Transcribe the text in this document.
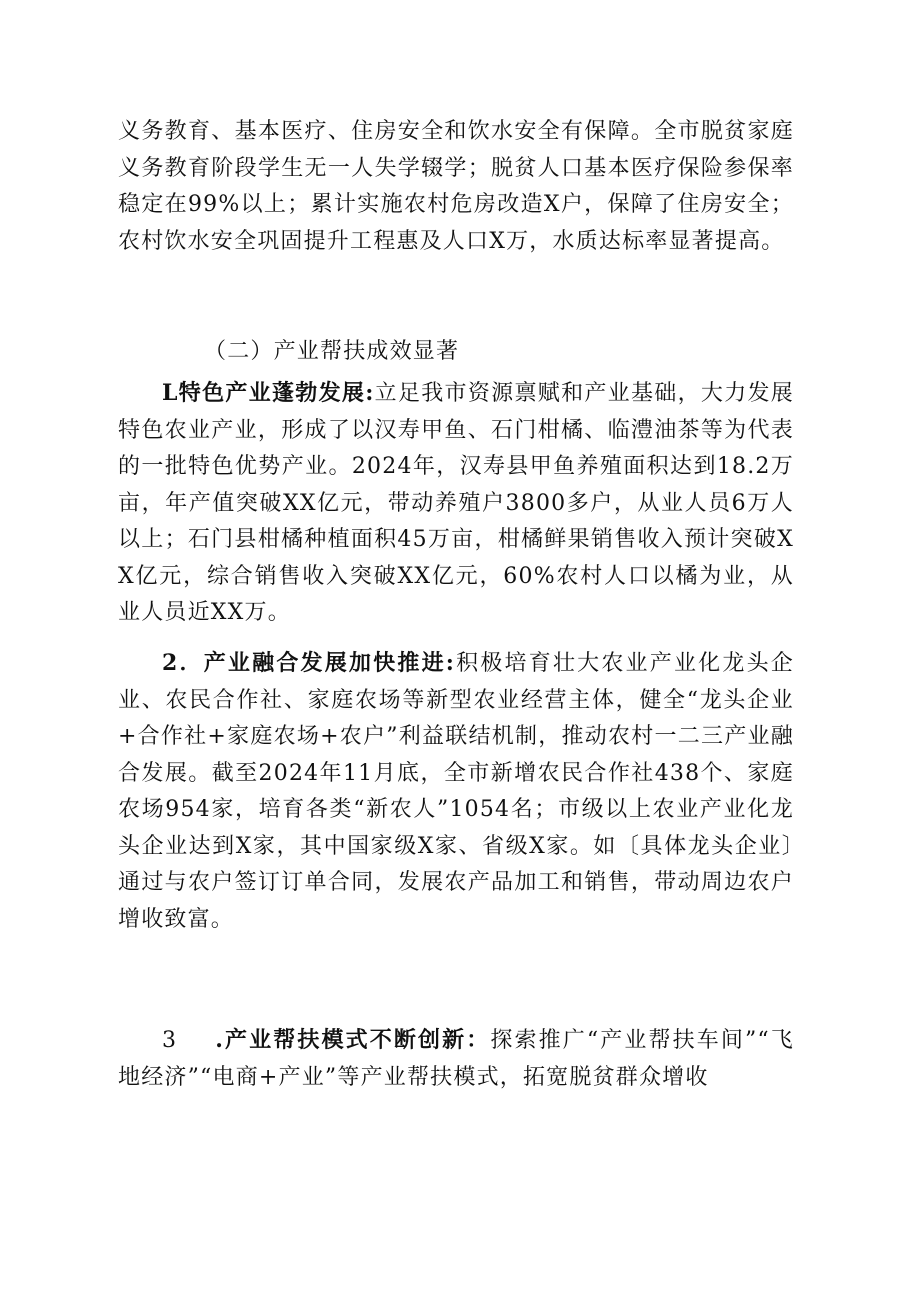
义务教育、基本医疗、住房安全和饮水安全有保障。全市脱贫家庭义务教育阶段学生无一人失学辍学；脱贫人口基本医疗保险参保率稳定在99%以上；累计实施农村危房改造X户，保障了住房安全；农村饮水安全巩固提升工程惠及人口X万，水质达标率显著提高。
（二）产业帮扶成效显著
L特色产业蓬勃发展:立足我市资源禀赋和产业基础，大力发展特色农业产业，形成了以汉寿甲鱼、石门柑橘、临澧油茶等为代表的一批特色优势产业。2024年，汉寿县甲鱼养殖面积达到18.2万亩，年产值突破XX亿元，带动养殖户3800多户，从业人员6万人以上；石门县柑橘种植面积45万亩，柑橘鲜果销售收入预计突破XX亿元，综合销售收入突破XX亿元，60%农村人口以橘为业，从业人员近XX万。
2．产业融合发展加快推进:积极培育壮大农业产业化龙头企业、农民合作社、家庭农场等新型农业经营主体，健全“龙头企业+合作社+家庭农场+农户”利益联结机制，推动农村一二三产业融合发展。截至2024年11月底，全市新增农民合作社438个、家庭农场954家，培育各类“新农人”1054名；市级以上农业产业化龙头企业达到X家，其中国家级X家、省级X家。如〔具体龙头企业〕通过与农户签订订单合同，发展农产品加工和销售，带动周边农户增收致富。
3 .产业帮扶模式不断创新：探索推广“产业帮扶车间”“飞地经济”“电商+产业”等产业帮扶模式，拓宽脱贫群众增收
